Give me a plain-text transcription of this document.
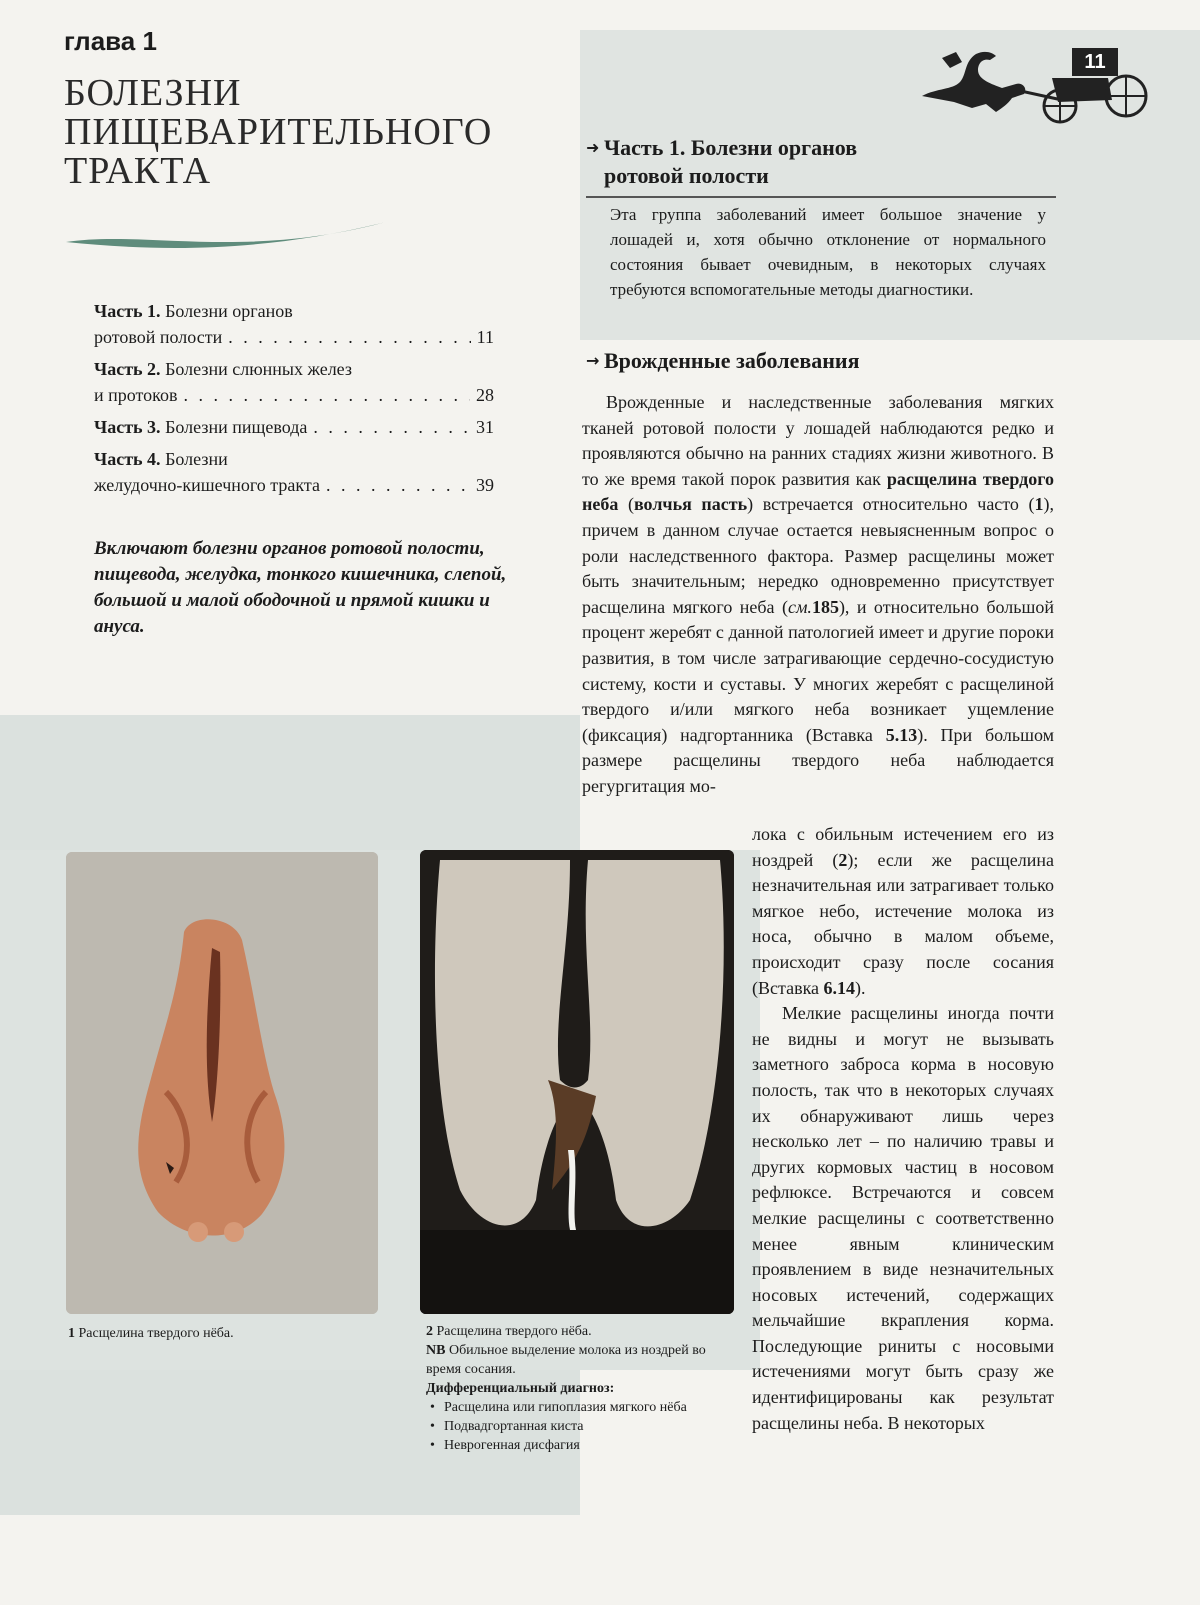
глава 1
БОЛЕЗНИ
ПИЩЕВАРИТЕЛЬНОГО
ТРАКТА
Часть 1. Болезни органов
ротовой полости . . .	11
Часть 2. Болезни слюнных желез
и протоков . . .	28
Часть 3. Болезни пищевода . . .	31
Часть 4. Болезни
желудочно-кишечного тракта . . .	39
Включают болезни органов ротовой полости, пищевода, желудка, тонкого кишечника, слепой, большой и малой ободочной и прямой кишки и ануса.
11
➜ Часть 1. Болезни органов
ротовой полости
Эта группа заболеваний имеет большое значение у лошадей и, хотя обычно отклонение от нормального состояния бывает очевидным, в некоторых случаях требуются вспомогательные методы диагностики.
→ Врожденные заболевания
Врожденные и наследственные заболевания мягких тканей ротовой полости у лошадей наблюдаются редко и проявляются обычно на ранних стадиях жизни животного. В то же время такой порок развития как расщелина твердого неба (волчья пасть) встречается относительно часто (1), причем в данном случае остается невыясненным вопрос о роли наследственного фактора. Размер расщелины может быть значительным; нередко одновременно присутствует расщелина мягкого неба (см.185), и относительно большой процент жеребят с данной патологией имеет и другие пороки развития, в том числе затрагивающие сердечно-сосудистую систему, кости и суставы. У многих жеребят с расщелиной твердого и/или мягкого неба возникает ущемление (фиксация) надгортанника (Вставка 5.13). При большом размере расщелины твердого неба наблюдается регургитация мо-

лока с обильным истечением его из ноздрей (2); если же расщелина незначительная или затрагивает только мягкое небо, истечение молока из носа, обычно в малом объеме, происходит сразу после сосания (Вставка 6.14).

Мелкие расщелины иногда почти не видны и могут не вызывать заметного заброса корма в носовую полость, так что в некоторых случаях их обнаруживают лишь через несколько лет – по наличию травы и других кормовых частиц в носовом рефлюксе. Встречаются и совсем мелкие расщелины с соответственно менее явным клиническим проявлением в виде незначительных носовых истечений, содержащих мельчайшие вкрапления корма. Последующие риниты с носовыми истечениями могут быть сразу же идентифицированы как результат расщелины неба. В некоторых

1 Расщелина твердого нёба.	2 Расщелина твердого нёба.
NB Обильное выделение молока из ноздрей во время сосания.
Дифференциальный диагноз:
• Расщелина или гипоплазия мягкого нёба
• Подвадгортанная киста
• Неврогенная дисфагия
